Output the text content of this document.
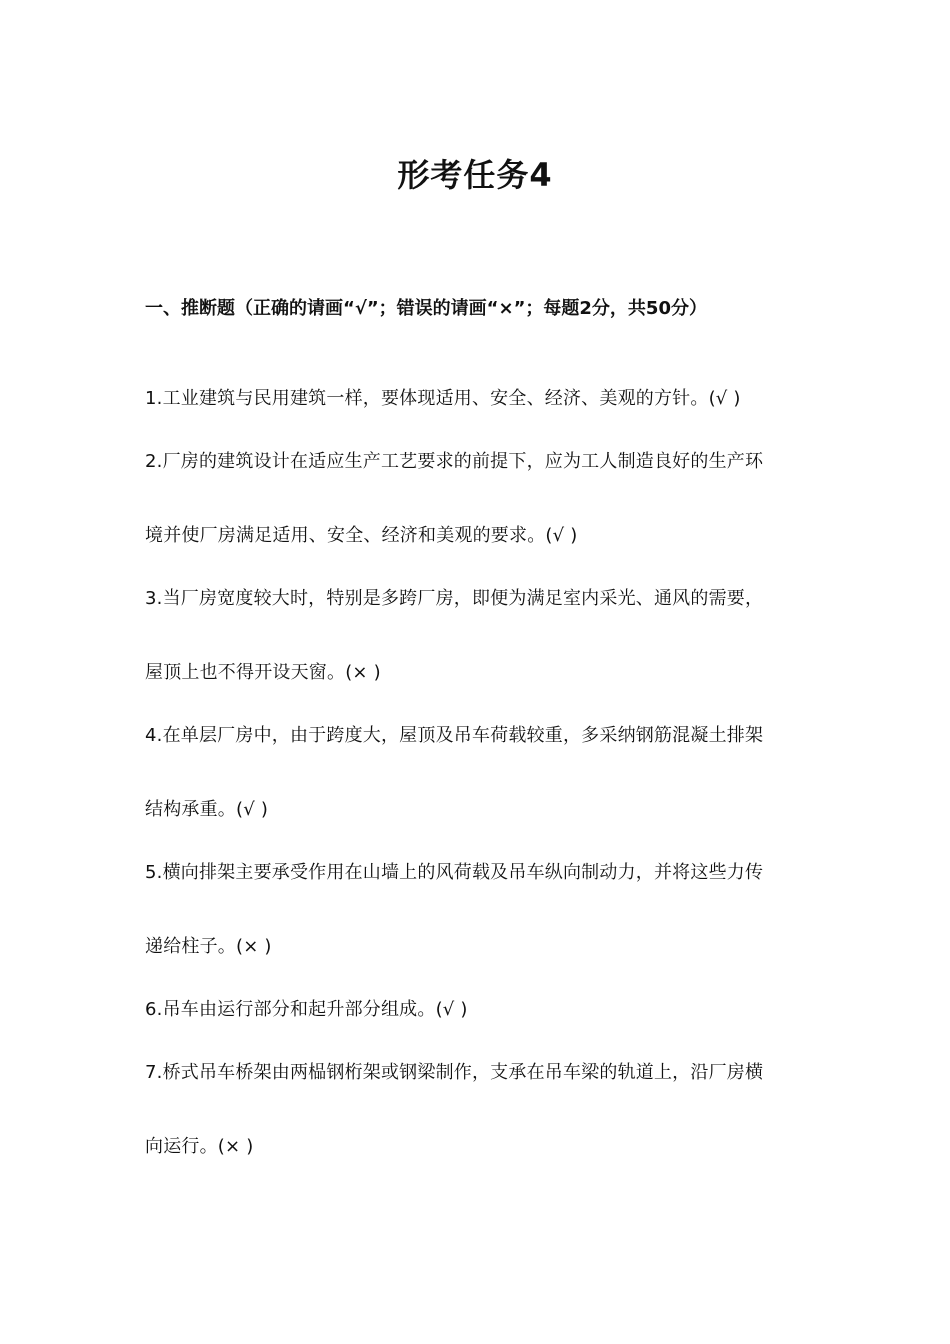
形考任务4
一、推断题（正确的请画“√”；错误的请画“×”；每题2分，共50分）
1.工业建筑与民用建筑一样，要体现适用、安全、经济、美观的方针。(√ )
2.厂房的建筑设计在适应生产工艺要求的前提下，应为工人制造良好的生产环
境并使厂房满足适用、安全、经济和美观的要求。(√ )
3.当厂房宽度较大时，特别是多跨厂房，即便为满足室内采光、通风的需要，
屋顶上也不得开设天窗。(× )
4.在单层厂房中，由于跨度大，屋顶及吊车荷载较重，多采纳钢筋混凝土排架
结构承重。(√ )
5.横向排架主要承受作用在山墙上的风荷载及吊车纵向制动力，并将这些力传
递给柱子。(× )
6.吊车由运行部分和起升部分组成。(√ )
7.桥式吊车桥架由两榀钢桁架或钢梁制作，支承在吊车梁的轨道上，沿厂房横
向运行。(× )
